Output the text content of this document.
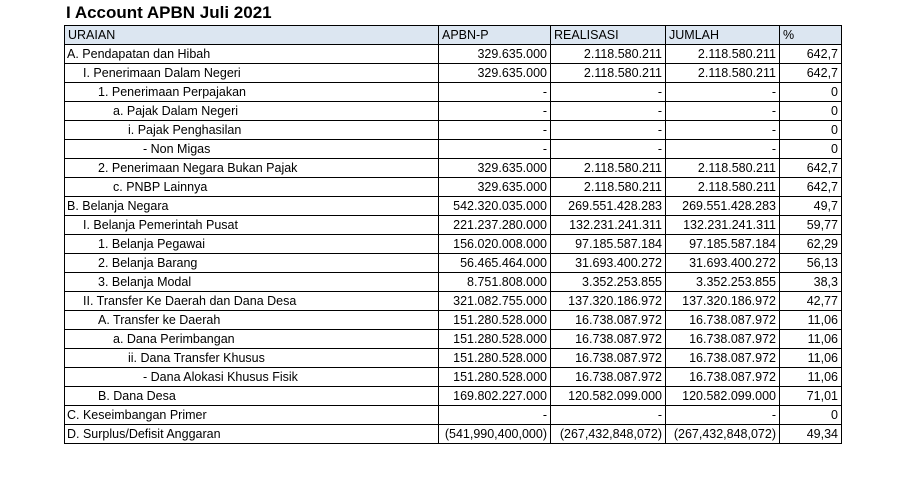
I Account APBN Juli 2021
URAIAN	APBN-P	REALISASI	JUMLAH	%
A. Pendapatan dan Hibah	329.635.000	2.118.580.211	2.118.580.211	642,7
I. Penerimaan Dalam Negeri	329.635.000	2.118.580.211	2.118.580.211	642,7
1. Penerimaan Perpajakan	-	-	-	0
a. Pajak Dalam Negeri	-	-	-	0
i. Pajak Penghasilan	-	-	-	0
- Non Migas	-	-	-	0
2. Penerimaan Negara Bukan Pajak	329.635.000	2.118.580.211	2.118.580.211	642,7
c. PNBP Lainnya	329.635.000	2.118.580.211	2.118.580.211	642,7
B. Belanja Negara	542.320.035.000	269.551.428.283	269.551.428.283	49,7
I. Belanja Pemerintah Pusat	221.237.280.000	132.231.241.311	132.231.241.311	59,77
1. Belanja Pegawai	156.020.008.000	97.185.587.184	97.185.587.184	62,29
2. Belanja Barang	56.465.464.000	31.693.400.272	31.693.400.272	56,13
3. Belanja Modal	8.751.808.000	3.352.253.855	3.352.253.855	38,3
II. Transfer Ke Daerah dan Dana Desa	321.082.755.000	137.320.186.972	137.320.186.972	42,77
A. Transfer ke Daerah	151.280.528.000	16.738.087.972	16.738.087.972	11,06
a. Dana Perimbangan	151.280.528.000	16.738.087.972	16.738.087.972	11,06
ii. Dana Transfer Khusus	151.280.528.000	16.738.087.972	16.738.087.972	11,06
- Dana Alokasi Khusus Fisik	151.280.528.000	16.738.087.972	16.738.087.972	11,06
B. Dana Desa	169.802.227.000	120.582.099.000	120.582.099.000	71,01
C. Keseimbangan Primer	-	-	-	0
D. Surplus/Defisit Anggaran	(541,990,400,000)	(267,432,848,072)	(267,432,848,072)	49,34
